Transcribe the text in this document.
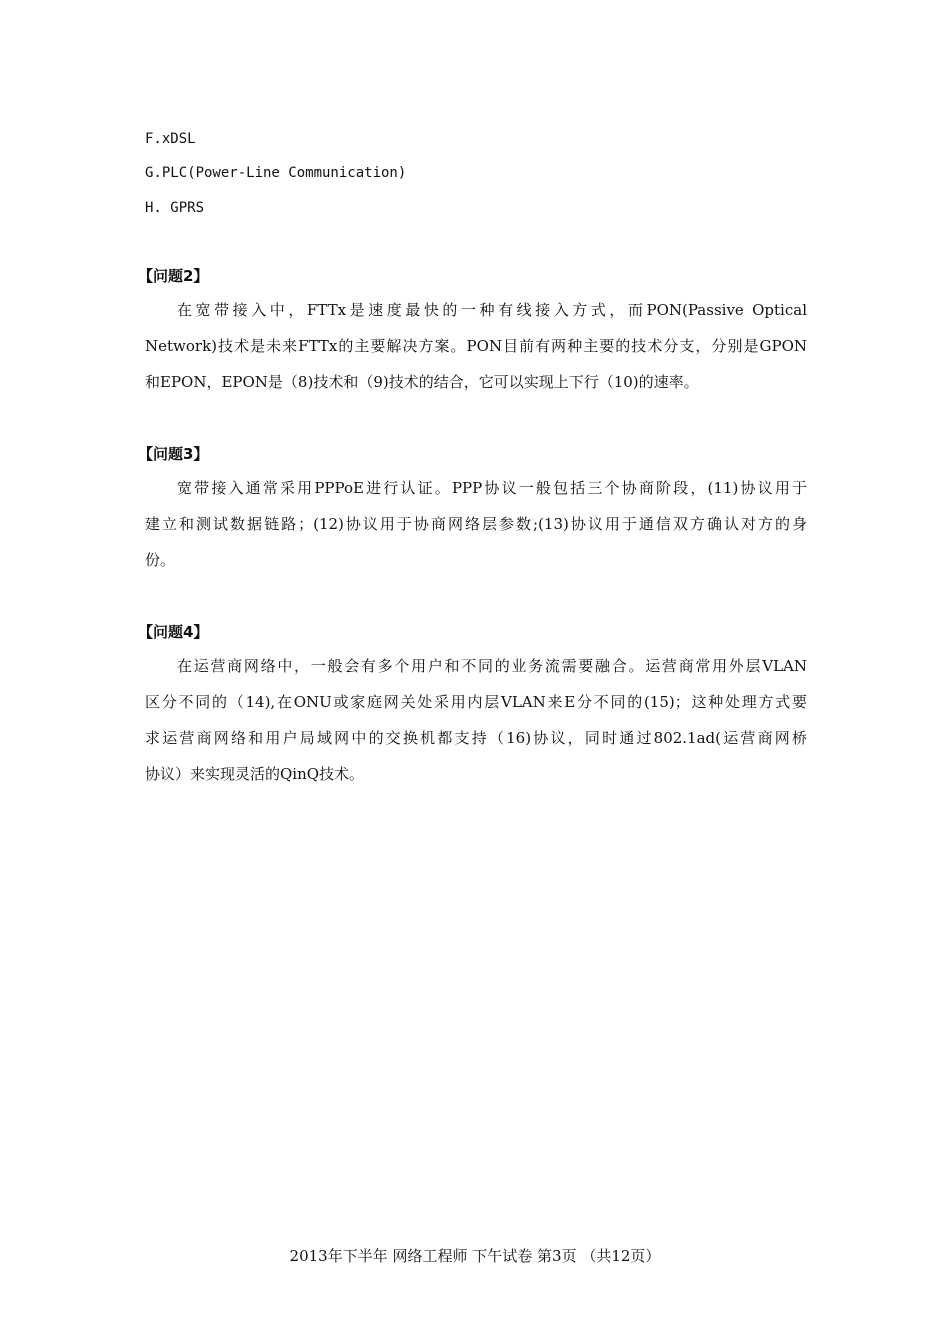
F.xDSL
G.PLC(Power-Line Communication)
H. GPRS
【问题2】
在宽带接入中，FTTx是速度最快的一种有线接入方式，而PON(Passive Optical
Network)技术是未来FTTx的主要解决方案。PON目前有两种主要的技术分支，分别是GPON
和EPON，EPON是（8)技术和（9)技术的结合，它可以实现上下行（10)的速率。
【问题3】
宽带接入通常采用PPPoE进行认证。PPP协议一般包括三个协商阶段，(11)协议用于
建立和测试数据链路；(12)协议用于协商网络层参数;(13)协议用于通信双方确认对方的身
份。
【问题4】
在运营商网络中，一般会有多个用户和不同的业务流需要融合。运营商常用外层VLAN
区分不同的（14),在ONU或家庭网关处采用内层VLAN来E分不同的(15)；这种处理方式要
求运营商网络和用户局域网中的交换机都支持（16)协议，同时通过802.1ad(运营商网桥
协议）来实现灵活的QinQ技术。
2013年下半年 网络工程师 下午试卷 第3页 （共12页）
